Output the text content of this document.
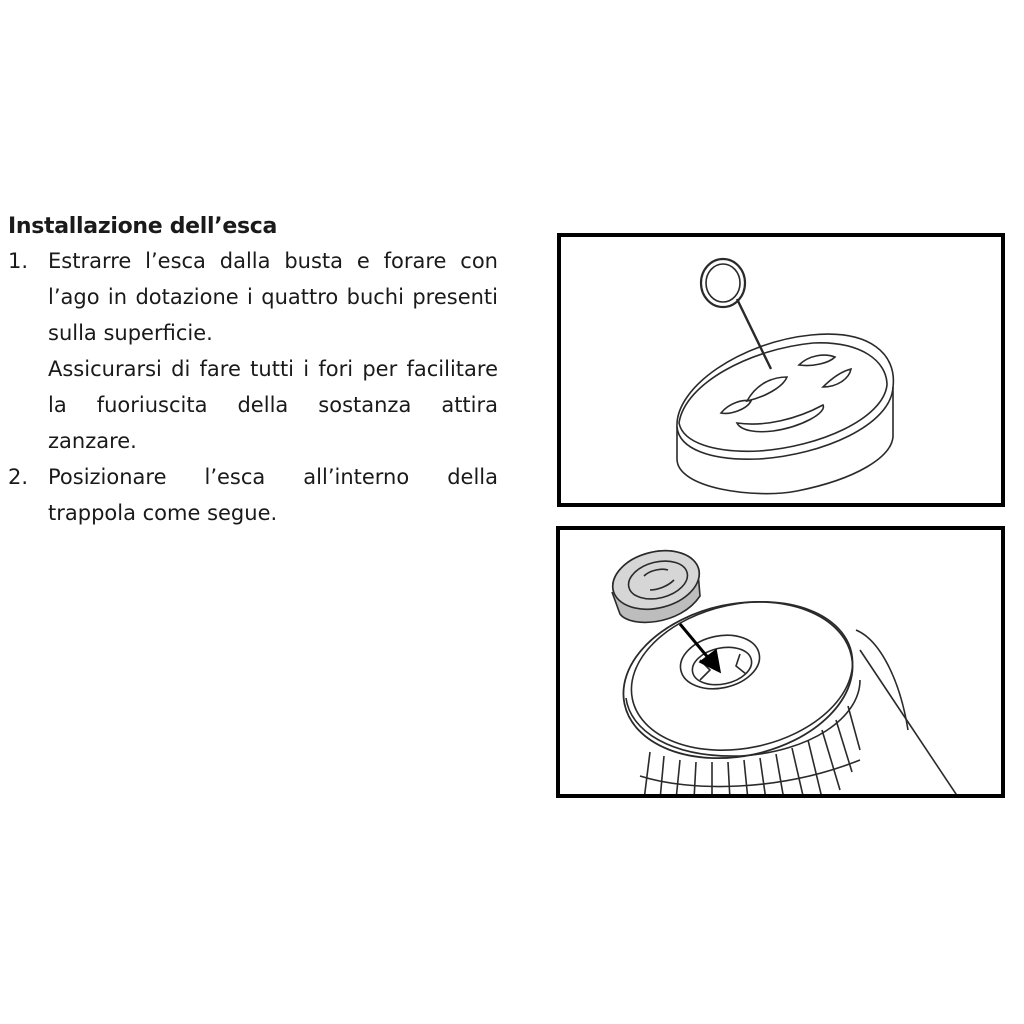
Installazione dell’esca
1. Estrarre l’esca dalla busta e forare con l’ago in dotazione i quattro buchi presenti sulla superficie.
Assicurarsi di fare tutti i fori per facilitare la fuoriuscita della sostanza attira zanzare.
2. Posizionare l’esca all’interno della trappola come segue.
